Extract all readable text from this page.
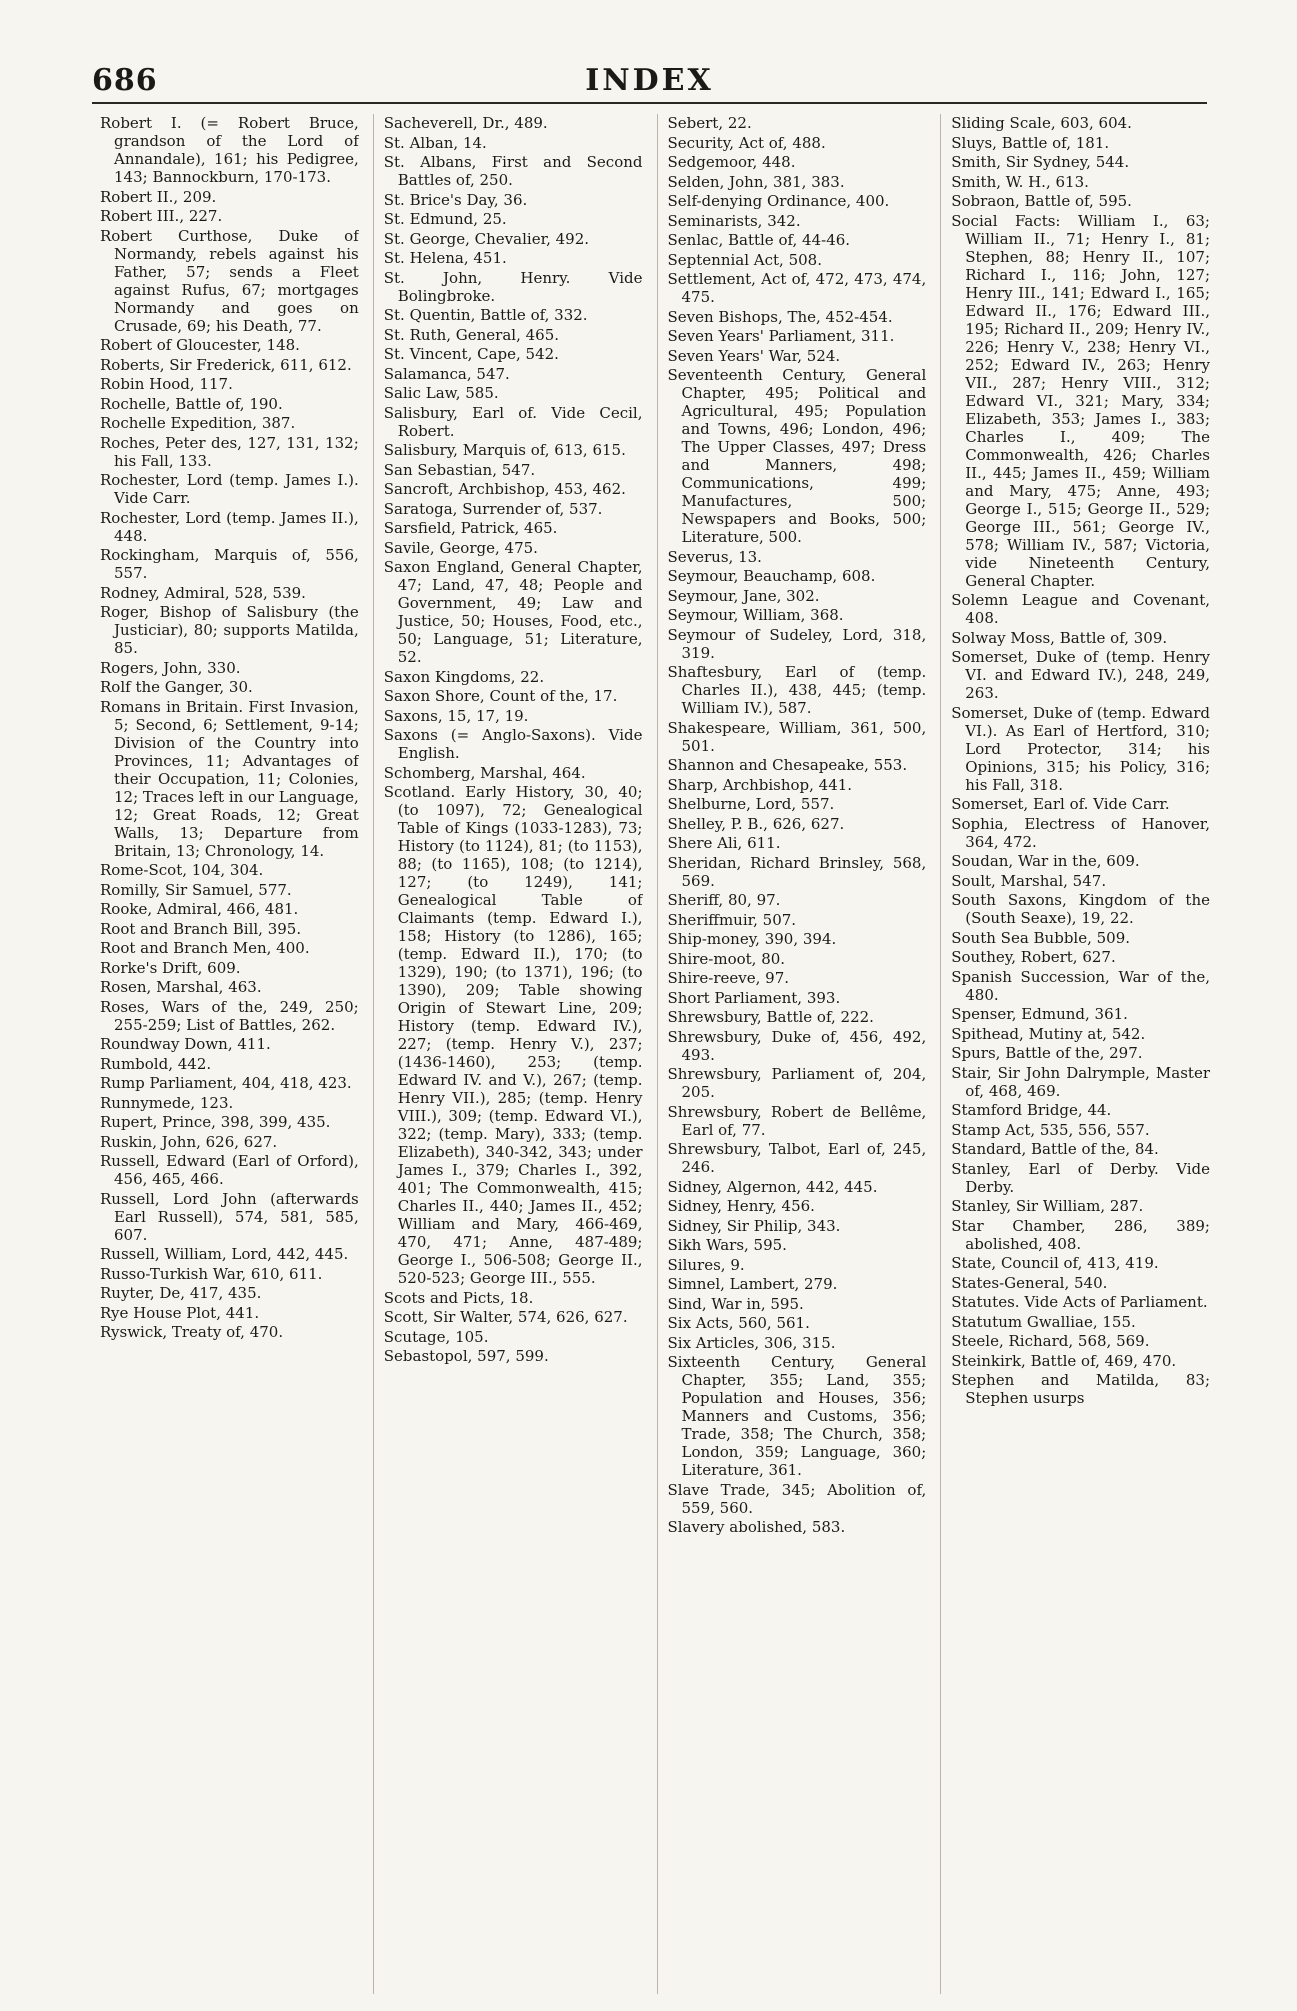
686	INDEX

Robert I. (= Robert Bruce, grandson of the Lord of Annandale), 161; his Pedigree, 143; Bannockburn, 170-173.

Robert II., 209.

Robert III., 227.

Robert Curthose, Duke of Normandy, rebels against his Father, 57; sends a Fleet against Rufus, 67; mortgages Normandy and goes on Crusade, 69; his Death, 77.

Robert of Gloucester, 148.

Roberts, Sir Frederick, 611, 612.

Robin Hood, 117.

Rochelle, Battle of, 190.

Rochelle Expedition, 387.

Roches, Peter des, 127, 131, 132; his Fall, 133.

Rochester, Lord (temp. James I.). Vide Carr.

Rochester, Lord (temp. James II.), 448.

Rockingham, Marquis of, 556, 557.

Rodney, Admiral, 528, 539.

Roger, Bishop of Salisbury (the Justiciar), 80; supports Matilda, 85.

Rogers, John, 330.

Rolf the Ganger, 30.

Romans in Britain. First Invasion, 5; Second, 6; Settlement, 9-14; Division of the Country into Provinces, 11; Advantages of their Occupation, 11; Colonies, 12; Traces left in our Language, 12; Great Roads, 12; Great Walls, 13; Departure from Britain, 13; Chronology, 14.

Rome-Scot, 104, 304.

Romilly, Sir Samuel, 577.

Rooke, Admiral, 466, 481.

Root and Branch Bill, 395.

Root and Branch Men, 400.

Rorke's Drift, 609.

Rosen, Marshal, 463.

Roses, Wars of the, 249, 250; 255-259; List of Battles, 262.

Roundway Down, 411.

Rumbold, 442.

Rump Parliament, 404, 418, 423.

Runnymede, 123.

Rupert, Prince, 398, 399, 435.

Ruskin, John, 626, 627.

Russell, Edward (Earl of Orford), 456, 465, 466.

Russell, Lord John (afterwards Earl Russell), 574, 581, 585, 607.

Russell, William, Lord, 442, 445.

Russo-Turkish War, 610, 611.

Ruyter, De, 417, 435.

Rye House Plot, 441.

Ryswick, Treaty of, 470.

Sacheverell, Dr., 489.

St. Alban, 14.

St. Albans, First and Second Battles of, 250.

St. Brice's Day, 36.

St. Edmund, 25.

St. George, Chevalier, 492.

St. Helena, 451.

St. John, Henry. Vide Bolingbroke.

St. Quentin, Battle of, 332.

St. Ruth, General, 465.

St. Vincent, Cape, 542.

Salamanca, 547.

Salic Law, 585.

Salisbury, Earl of. Vide Cecil, Robert.

Salisbury, Marquis of, 613, 615.

San Sebastian, 547.

Sancroft, Archbishop, 453, 462.

Saratoga, Surrender of, 537.

Sarsfield, Patrick, 465.

Savile, George, 475.

Saxon England, General Chapter, 47; Land, 47, 48; People and Government, 49; Law and Justice, 50; Houses, Food, etc., 50; Language, 51; Literature, 52.

Saxon Kingdoms, 22.

Saxon Shore, Count of the, 17.

Saxons, 15, 17, 19.

Saxons (= Anglo-Saxons). Vide English.

Schomberg, Marshal, 464.

Scotland. Early History, 30, 40; (to 1097), 72; Genealogical Table of Kings (1033-1283), 73; History (to 1124), 81; (to 1153), 88; (to 1165), 108; (to 1214), 127; (to 1249), 141; Genealogical Table of Claimants (temp. Edward I.), 158; History (to 1286), 165; (temp. Edward II.), 170; (to 1329), 190; (to 1371), 196; (to 1390), 209; Table showing Origin of Stewart Line, 209; History (temp. Edward IV.), 227; (temp. Henry V.), 237; (1436-1460), 253; (temp. Edward IV. and V.), 267; (temp. Henry VII.), 285; (temp. Henry VIII.), 309; (temp. Edward VI.), 322; (temp. Mary), 333; (temp. Elizabeth), 340-342, 343; under James I., 379; Charles I., 392, 401; The Commonwealth, 415; Charles II., 440; James II., 452; William and Mary, 466-469, 470, 471; Anne, 487-489; George I., 506-508; George II., 520-523; George III., 555.

Scots and Picts, 18.

Scott, Sir Walter, 574, 626, 627.

Scutage, 105.

Sebastopol, 597, 599.

Sebert, 22.

Security, Act of, 488.

Sedgemoor, 448.

Selden, John, 381, 383.

Self-denying Ordinance, 400.

Seminarists, 342.

Senlac, Battle of, 44-46.

Septennial Act, 508.

Settlement, Act of, 472, 473, 474, 475.

Seven Bishops, The, 452-454.

Seven Years' Parliament, 311.

Seven Years' War, 524.

Seventeenth Century, General Chapter, 495; Political and Agricultural, 495; Population and Towns, 496; London, 496; The Upper Classes, 497; Dress and Manners, 498; Communications, 499; Manufactures, 500; Newspapers and Books, 500; Literature, 500.

Severus, 13.

Seymour, Beauchamp, 608.

Seymour, Jane, 302.

Seymour, William, 368.

Seymour of Sudeley, Lord, 318, 319.

Shaftesbury, Earl of (temp. Charles II.), 438, 445; (temp. William IV.), 587.

Shakespeare, William, 361, 500, 501.

Shannon and Chesapeake, 553.

Sharp, Archbishop, 441.

Shelburne, Lord, 557.

Shelley, P. B., 626, 627.

Shere Ali, 611.

Sheridan, Richard Brinsley, 568, 569.

Sheriff, 80, 97.

Sheriffmuir, 507.

Ship-money, 390, 394.

Shire-moot, 80.

Shire-reeve, 97.

Short Parliament, 393.

Shrewsbury, Battle of, 222.

Shrewsbury, Duke of, 456, 492, 493.

Shrewsbury, Parliament of, 204, 205.

Shrewsbury, Robert de Bellême, Earl of, 77.

Shrewsbury, Talbot, Earl of, 245, 246.

Sidney, Algernon, 442, 445.

Sidney, Henry, 456.

Sidney, Sir Philip, 343.

Sikh Wars, 595.

Silures, 9.

Simnel, Lambert, 279.

Sind, War in, 595.

Six Acts, 560, 561.

Six Articles, 306, 315.

Sixteenth Century, General Chapter, 355; Land, 355; Population and Houses, 356; Manners and Customs, 356; Trade, 358; The Church, 358; London, 359; Language, 360; Literature, 361.

Slave Trade, 345; Abolition of, 559, 560.

Slavery abolished, 583.

Sliding Scale, 603, 604.

Sluys, Battle of, 181.

Smith, Sir Sydney, 544.

Smith, W. H., 613.

Sobraon, Battle of, 595.

Social Facts: William I., 63; William II., 71; Henry I., 81; Stephen, 88; Henry II., 107; Richard I., 116; John, 127; Henry III., 141; Edward I., 165; Edward II., 176; Edward III., 195; Richard II., 209; Henry IV., 226; Henry V., 238; Henry VI., 252; Edward IV., 263; Henry VII., 287; Henry VIII., 312; Edward VI., 321; Mary, 334; Elizabeth, 353; James I., 383; Charles I., 409; The Commonwealth, 426; Charles II., 445; James II., 459; William and Mary, 475; Anne, 493; George I., 515; George II., 529; George III., 561; George IV., 578; William IV., 587; Victoria, vide Nineteenth Century, General Chapter.

Solemn League and Covenant, 408.

Solway Moss, Battle of, 309.

Somerset, Duke of (temp. Henry VI. and Edward IV.), 248, 249, 263.

Somerset, Duke of (temp. Edward VI.). As Earl of Hertford, 310; Lord Protector, 314; his Opinions, 315; his Policy, 316; his Fall, 318.

Somerset, Earl of. Vide Carr.

Sophia, Electress of Hanover, 364, 472.

Soudan, War in the, 609.

Soult, Marshal, 547.

South Saxons, Kingdom of the (South Seaxe), 19, 22.

South Sea Bubble, 509.

Southey, Robert, 627.

Spanish Succession, War of the, 480.

Spenser, Edmund, 361.

Spithead, Mutiny at, 542.

Spurs, Battle of the, 297.

Stair, Sir John Dalrymple, Master of, 468, 469.

Stamford Bridge, 44.

Stamp Act, 535, 556, 557.

Standard, Battle of the, 84.

Stanley, Earl of Derby. Vide Derby.

Stanley, Sir William, 287.

Star Chamber, 286, 389; abolished, 408.

State, Council of, 413, 419.

States-General, 540.

Statutes. Vide Acts of Parliament.

Statutum Gwalliae, 155.

Steele, Richard, 568, 569.

Steinkirk, Battle of, 469, 470.

Stephen and Matilda, 83; Stephen usurps
